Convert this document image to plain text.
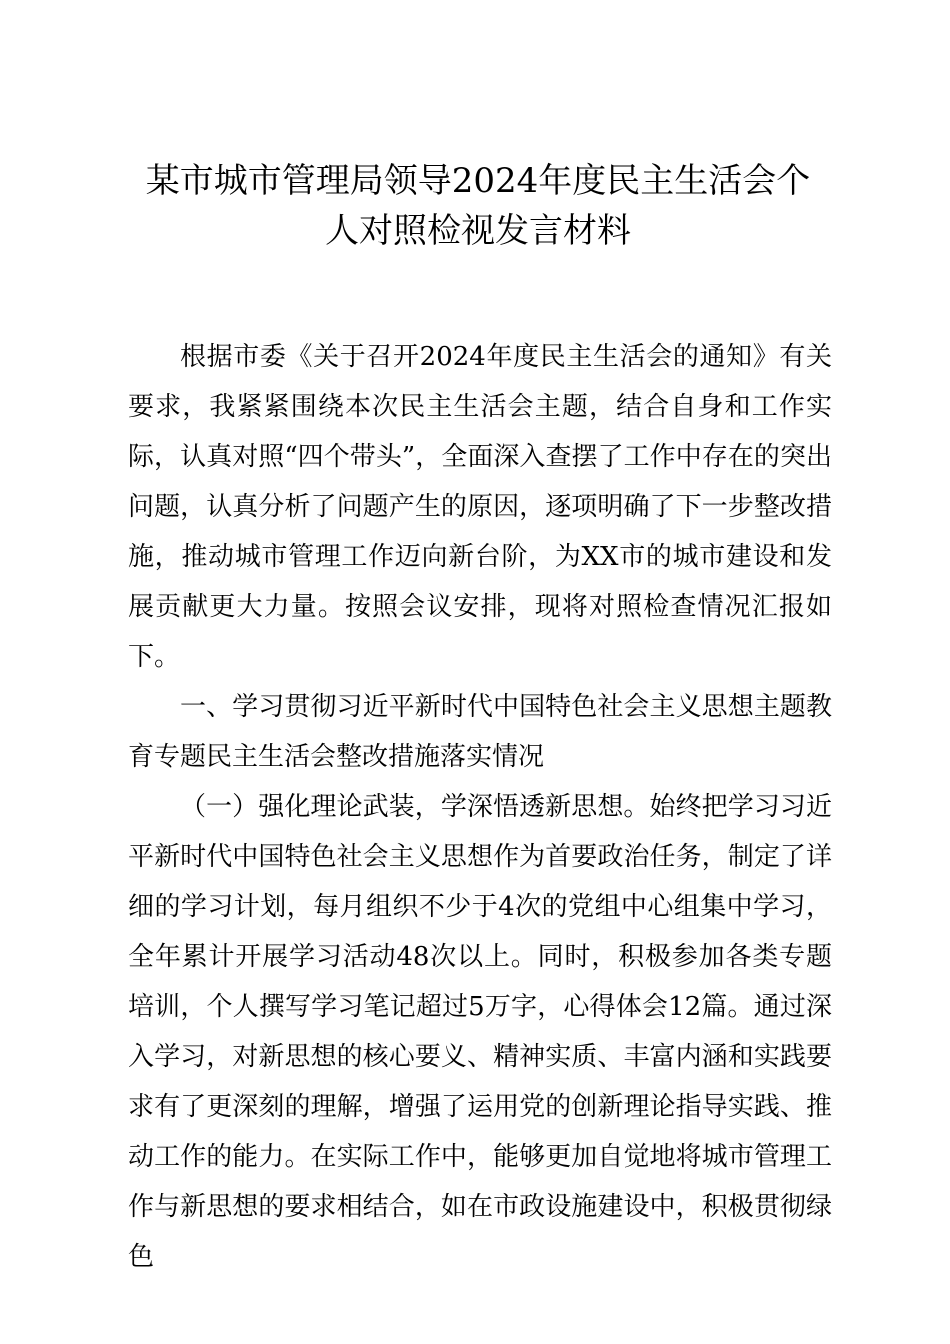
某市城市管理局领导2024年度民主生活会个
人对照检视发言材料

根据市委《关于召开2024年度民主生活会的通知》有关要求，我紧紧围绕本次民主生活会主题，结合自身和工作实际，认真对照“四个带头”，全面深入查摆了工作中存在的突出问题，认真分析了问题产生的原因，逐项明确了下一步整改措施，推动城市管理工作迈向新台阶，为XX市的城市建设和发展贡献更大力量。按照会议安排，现将对照检查情况汇报如下。

一、学习贯彻习近平新时代中国特色社会主义思想主题教育专题民主生活会整改措施落实情况

（一）强化理论武装，学深悟透新思想。始终把学习习近平新时代中国特色社会主义思想作为首要政治任务，制定了详细的学习计划，每月组织不少于4次的党组中心组集中学习，全年累计开展学习活动48次以上。同时，积极参加各类专题培训，个人撰写学习笔记超过5万字，心得体会12篇。通过深入学习，对新思想的核心要义、精神实质、丰富内涵和实践要求有了更深刻的理解，增强了运用党的创新理论指导实践、推动工作的能力。在实际工作中，能够更加自觉地将城市管理工作与新思想的要求相结合，如在市政设施建设中，积极贯彻绿色
